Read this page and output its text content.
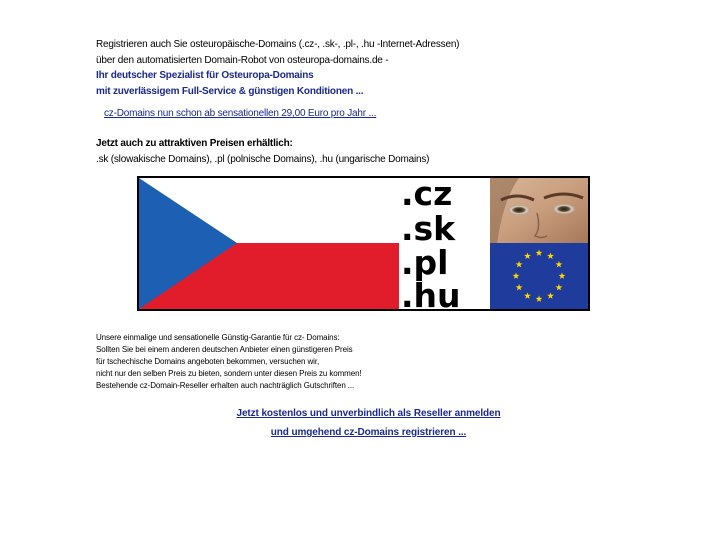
Registrieren auch Sie osteuropäische-Domains (.cz-, .sk-, .pl-, .hu -Internet-Adressen)
über den automatisierten Domain-Robot von osteuropa-domains.de -
Ihr deutscher Spezialist für Osteuropa-Domains
mit zuverlässigem Full-Service & günstigen Konditionen ...
cz-Domains nun schon ab sensationellen 29,00 Euro pro Jahr ...
Jetzt auch zu attraktiven Preisen erhältlich:
.sk (slowakische Domains), .pl (polnische Domains), .hu (ungarische Domains)
.cz
.sk
.pl
.hu
Unsere einmalige und sensationelle Günstig-Garantie für cz- Domains:
Sollten Sie bei einem anderen deutschen Anbieter einen günstigeren Preis
für tschechische Domains angeboten bekommen, versuchen wir,
nicht nur den selben Preis zu bieten, sondern unter diesen Preis zu kommen!
Bestehende cz-Domain-Reseller erhalten auch nachträglich Gutschriften ...
Jetzt kostenlos und unverbindlich als Reseller anmelden
und umgehend cz-Domains registrieren ...
